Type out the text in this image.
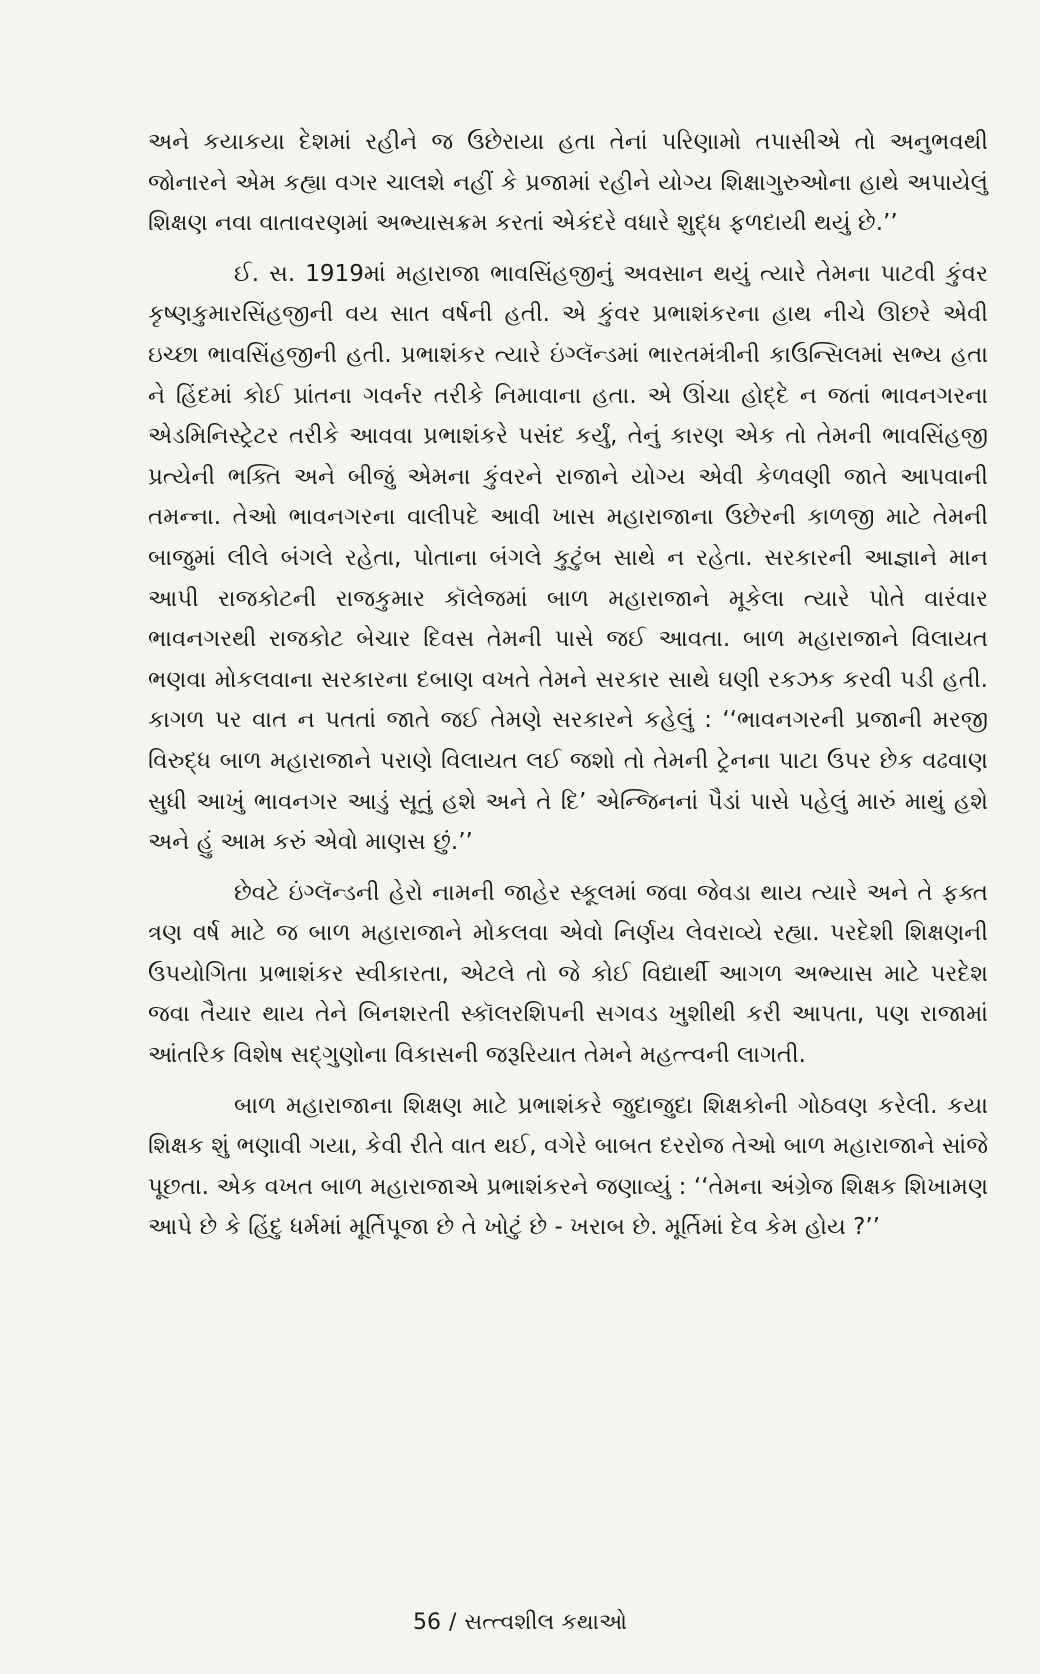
અને કયાકયા દેશમાં રહીને જ ઉછેરાયા હતા તેનાં પરિણામો તપાસીએ તો અનુભવથી જોનારને એમ કહ્યા વગર ચાલશે નહીં કે પ્રજામાં રહીને યોગ્ય શિક્ષાગુરુઓના હાથે અપાયેલું શિક્ષણ નવા વાતાવરણમાં અભ્યાસક્રમ કરતાં એકંદરે વધારે શુદ્ધ ફળદાયી થયું છે.’’

ઈ. સ. 1919માં મહારાજા ભાવસિંહજીનું અવસાન થયું ત્યારે તેમના પાટવી કુંવર કૃષ્ણકુમારસિંહજીની વય સાત વર્ષની હતી. એ કુંવર પ્રભાશંકરના હાથ નીચે ઊછરે એવી ઇચ્છા ભાવસિંહજીની હતી. પ્રભાશંકર ત્યારે ઇંગ્લૅન્ડમાં ભારતમંત્રીની કાઉન્સિલમાં સભ્ય હતા ને હિંદમાં કોઈ પ્રાંતના ગવર્નર તરીકે નિમાવાના હતા. એ ઊંચા હોદ્દે ન જતાં ભાવનગરના એડમિનિસ્ટ્રેટર તરીકે આવવા પ્રભાશંકરે પસંદ કર્યું, તેનું કારણ એક તો તેમની ભાવસિંહજી પ્રત્યેની ભક્તિ અને બીજું એમના કુંવરને રાજાને યોગ્ય એવી કેળવણી જાતે આપવાની તમન્ના. તેઓ ભાવનગરના વાલીપદે આવી ખાસ મહારાજાના ઉછેરની કાળજી માટે તેમની બાજુમાં લીલે બંગલે રહેતા, પોતાના બંગલે કુટુંબ સાથે ન રહેતા. સરકારની આજ્ઞાને માન આપી રાજકોટની રાજકુમાર કૉલેજમાં બાળ મહારાજાને મૂકેલા ત્યારે પોતે વારંવાર ભાવનગરથી રાજકોટ બેચાર દિવસ તેમની પાસે જઈ આવતા. બાળ મહારાજાને વિલાયત ભણવા મોકલવાના સરકારના દબાણ વખતે તેમને સરકાર સાથે ઘણી રકઝક કરવી પડી હતી. કાગળ પર વાત ન પતતાં જાતે જઈ તેમણે સરકારને કહેલું : ‘‘ભાવનગરની પ્રજાની મરજી વિરુદ્ધ બાળ મહારાજાને પરાણે વિલાયત લઈ જશો તો તેમની ટ્રેનના પાટા ઉપર છેક વઢવાણ સુધી આખું ભાવનગર આડું સૂતું હશે અને તે દિ’ એન્જિનનાં પૈડાં પાસે પહેલું મારું માથું હશે અને હું આમ કરું એવો માણસ છું.’’

છેવટે ઇંગ્લૅન્ડની હેરો નામની જાહેર સ્કૂલમાં જવા જેવડા થાય ત્યારે અને તે ફક્ત ત્રણ વર્ષ માટે જ બાળ મહારાજાને મોકલવા એવો નિર્ણય લેવરાવ્યે રહ્યા. પરદેશી શિક્ષણની ઉપયોગિતા પ્રભાશંકર સ્વીકારતા, એટલે તો જે કોઈ વિદ્યાર્થી આગળ અભ્યાસ માટે પરદેશ જવા તૈયાર થાય તેને બિનશરતી સ્કૉલરશિપની સગવડ ખુશીથી કરી આપતા, પણ રાજામાં આંતરિક વિશેષ સદ્ગુણોના વિકાસની જરૂરિયાત તેમને મહત્ત્વની લાગતી.

બાળ મહારાજાના શિક્ષણ માટે પ્રભાશંકરે જુદાજુદા શિક્ષકોની ગોઠવણ કરેલી. કયા શિક્ષક શું ભણાવી ગયા, કેવી રીતે વાત થઈ, વગેરે બાબત દરરોજ તેઓ બાળ મહારાજાને સાંજે પૂછતા. એક વખત બાળ મહારાજાએ પ્રભાશંકરને જણાવ્યું : ‘‘તેમના અંગ્રેજ શિક્ષક શિખામણ આપે છે કે હિંદુ ધર્મમાં મૂર્તિપૂજા છે તે ખોટું છે - ખરાબ છે. મૂર્તિમાં દેવ કેમ હોય ?’’

56 / સત્ત્વશીલ કથાઓ
